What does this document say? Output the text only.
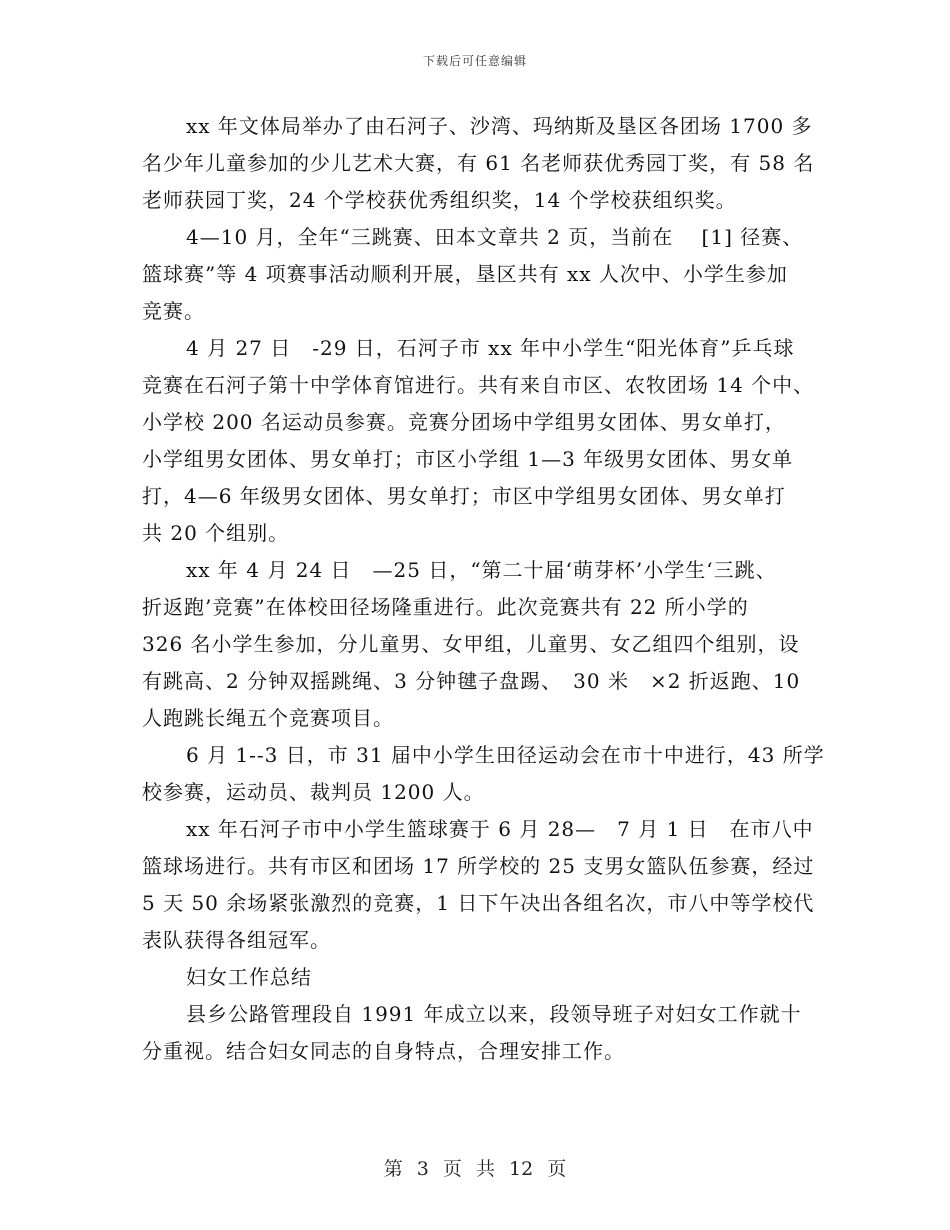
下载后可任意编辑
xx 年文体局举办了由石河子、沙湾、玛纳斯及垦区各团场 1700 多
名少年儿童参加的少儿艺术大赛，有 61 名老师获优秀园丁奖，有 58 名
老师获园丁奖，24 个学校获优秀组织奖，14 个学校获组织奖。
4—10 月，全年“三跳赛、田本文章共 2 页，当前在　 [1] 径赛、
篮球赛”等 4 项赛事活动顺利开展，垦区共有 xx 人次中、小学生参加
竞赛。
4 月 27 日　-29 日，石河子市 xx 年中小学生“阳光体育”乒乓球
竞赛在石河子第十中学体育馆进行。共有来自市区、农牧团场 14 个中、
小学校 200 名运动员参赛。竞赛分团场中学组男女团体、男女单打，
小学组男女团体、男女单打；市区小学组 1—3 年级男女团体、男女单
打，4—6 年级男女团体、男女单打；市区中学组男女团体、男女单打
共 20 个组别。
xx 年 4 月 24 日　—25 日，“第二十届‘萌芽杯’小学生‘三跳、
折返跑’竞赛”在体校田径场隆重进行。此次竞赛共有 22 所小学的
326 名小学生参加，分儿童男、女甲组，儿童男、女乙组四个组别，设
有跳高、2 分钟双摇跳绳、3 分钟毽子盘踢、　30 米　×2 折返跑、10
人跑跳长绳五个竞赛项目。
6 月 1--3 日，市 31 届中小学生田径运动会在市十中进行，43 所学
校参赛，运动员、裁判员 1200 人。
xx 年石河子市中小学生篮球赛于 6 月 28—　7 月 1 日　在市八中
篮球场进行。共有市区和团场 17 所学校的 25 支男女篮队伍参赛，经过
5 天 50 余场紧张激烈的竞赛，1 日下午决出各组名次，市八中等学校代
表队获得各组冠军。
妇女工作总结
县乡公路管理段自 1991 年成立以来，段领导班子对妇女工作就十
分重视。结合妇女同志的自身特点，合理安排工作。
第 3 页 共 12 页
